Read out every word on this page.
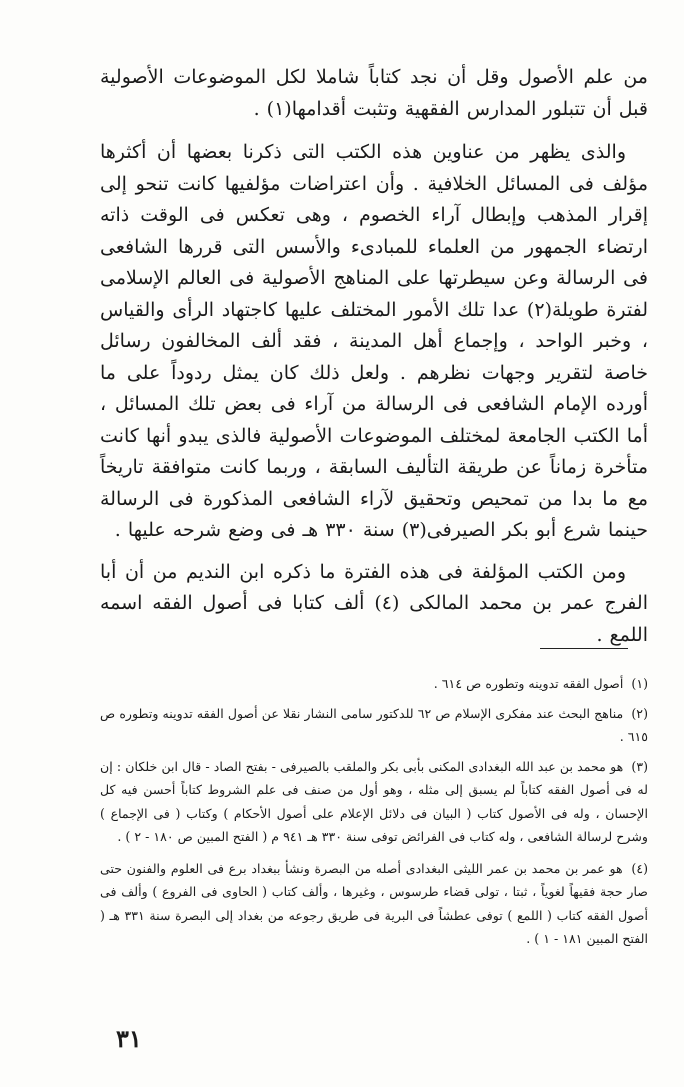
من علم الأصول وقل أن نجد كتاباً شاملا لكل الموضوعات الأصولية قبل أن تتبلور المدارس الفقهية وتثبت أقدامها(١) .

والذى يظهر من عناوين هذه الكتب التى ذكرنا بعضها أن أكثرها مؤلف فى المسائل الخلافية . وأن اعتراضات مؤلفيها كانت تنحو إلى إقرار المذهب وإبطال آراء الخصوم ، وهى تعكس فى الوقت ذاته ارتضاء الجمهور من العلماء للمبادىء والأسس التى قررها الشافعى فى الرسالة وعن سيطرتها على المناهج الأصولية فى العالم الإسلامى لفترة طويلة(٢) عدا تلك الأمور المختلف عليها كاجتهاد الرأى والقياس ، وخبر الواحد ، وإجماع أهل المدينة ، فقد ألف المخالفون رسائل خاصة لتقرير وجهات نظرهم . ولعل ذلك كان يمثل ردوداً على ما أورده الإمام الشافعى فى الرسالة من آراء فى بعض تلك المسائل ، أما الكتب الجامعة لمختلف الموضوعات الأصولية فالذى يبدو أنها كانت متأخرة زماناً عن طريقة التأليف السابقة ، وربما كانت متوافقة تاريخاً مع ما بدا من تمحيص وتحقيق لآراء الشافعى المذكورة فى الرسالة حينما شرع أبو بكر الصيرفى(٣) سنة ٣٣٠ هـ فى وضع شرحه عليها .

ومن الكتب المؤلفة فى هذه الفترة ما ذكره ابن النديم من أن أبا الفرج عمر بن محمد المالكى (٤) ألف كتابا فى أصول الفقه اسمه اللمع .

(١) أصول الفقه تدوينه وتطوره ص ٦١٤ .

(٢) مناهج البحث عند مفكرى الإسلام ص ٦٢ للدكتور سامى النشار نقلا عن أصول الفقه تدوينه وتطوره ص ٦١٥ .

(٣) هو محمد بن عبد الله البغدادى المكنى بأبى بكر والملقب بالصيرفى - بفتح الصاد - قال ابن خلكان : إن له فى أصول الفقه كتاباً لم يسبق إلى مثله ، وهو أول من صنف فى علم الشروط كتاباً أحسن فيه كل الإحسان ، وله فى الأصول كتاب ( البيان فى دلائل الإعلام على أصول الأحكام ) وكتاب ( فى الإجماع ) وشرح لرسالة الشافعى ، وله كتاب فى الفرائض توفى سنة ٣٣٠ هـ ٩٤١ م ( الفتح المبين ص ١٨٠ - ٢ ) .

(٤) هو عمر بن محمد بن عمر الليثى البغدادى أصله من البصرة ونشأ ببغداد برع فى العلوم والفنون حتى صار حجة فقيهاً لغوياً ، ثبتا ، تولى قضاء طرسوس ، وغيرها ، وألف كتاب ( الحاوى فى الفروع ) وألف فى أصول الفقه كتاب ( اللمع ) توفى عطشاً فى البرية فى طريق رجوعه من بغداد إلى البصرة سنة ٣٣١ هـ ( الفتح المبين ١٨١ - ١ ) .

٣١
